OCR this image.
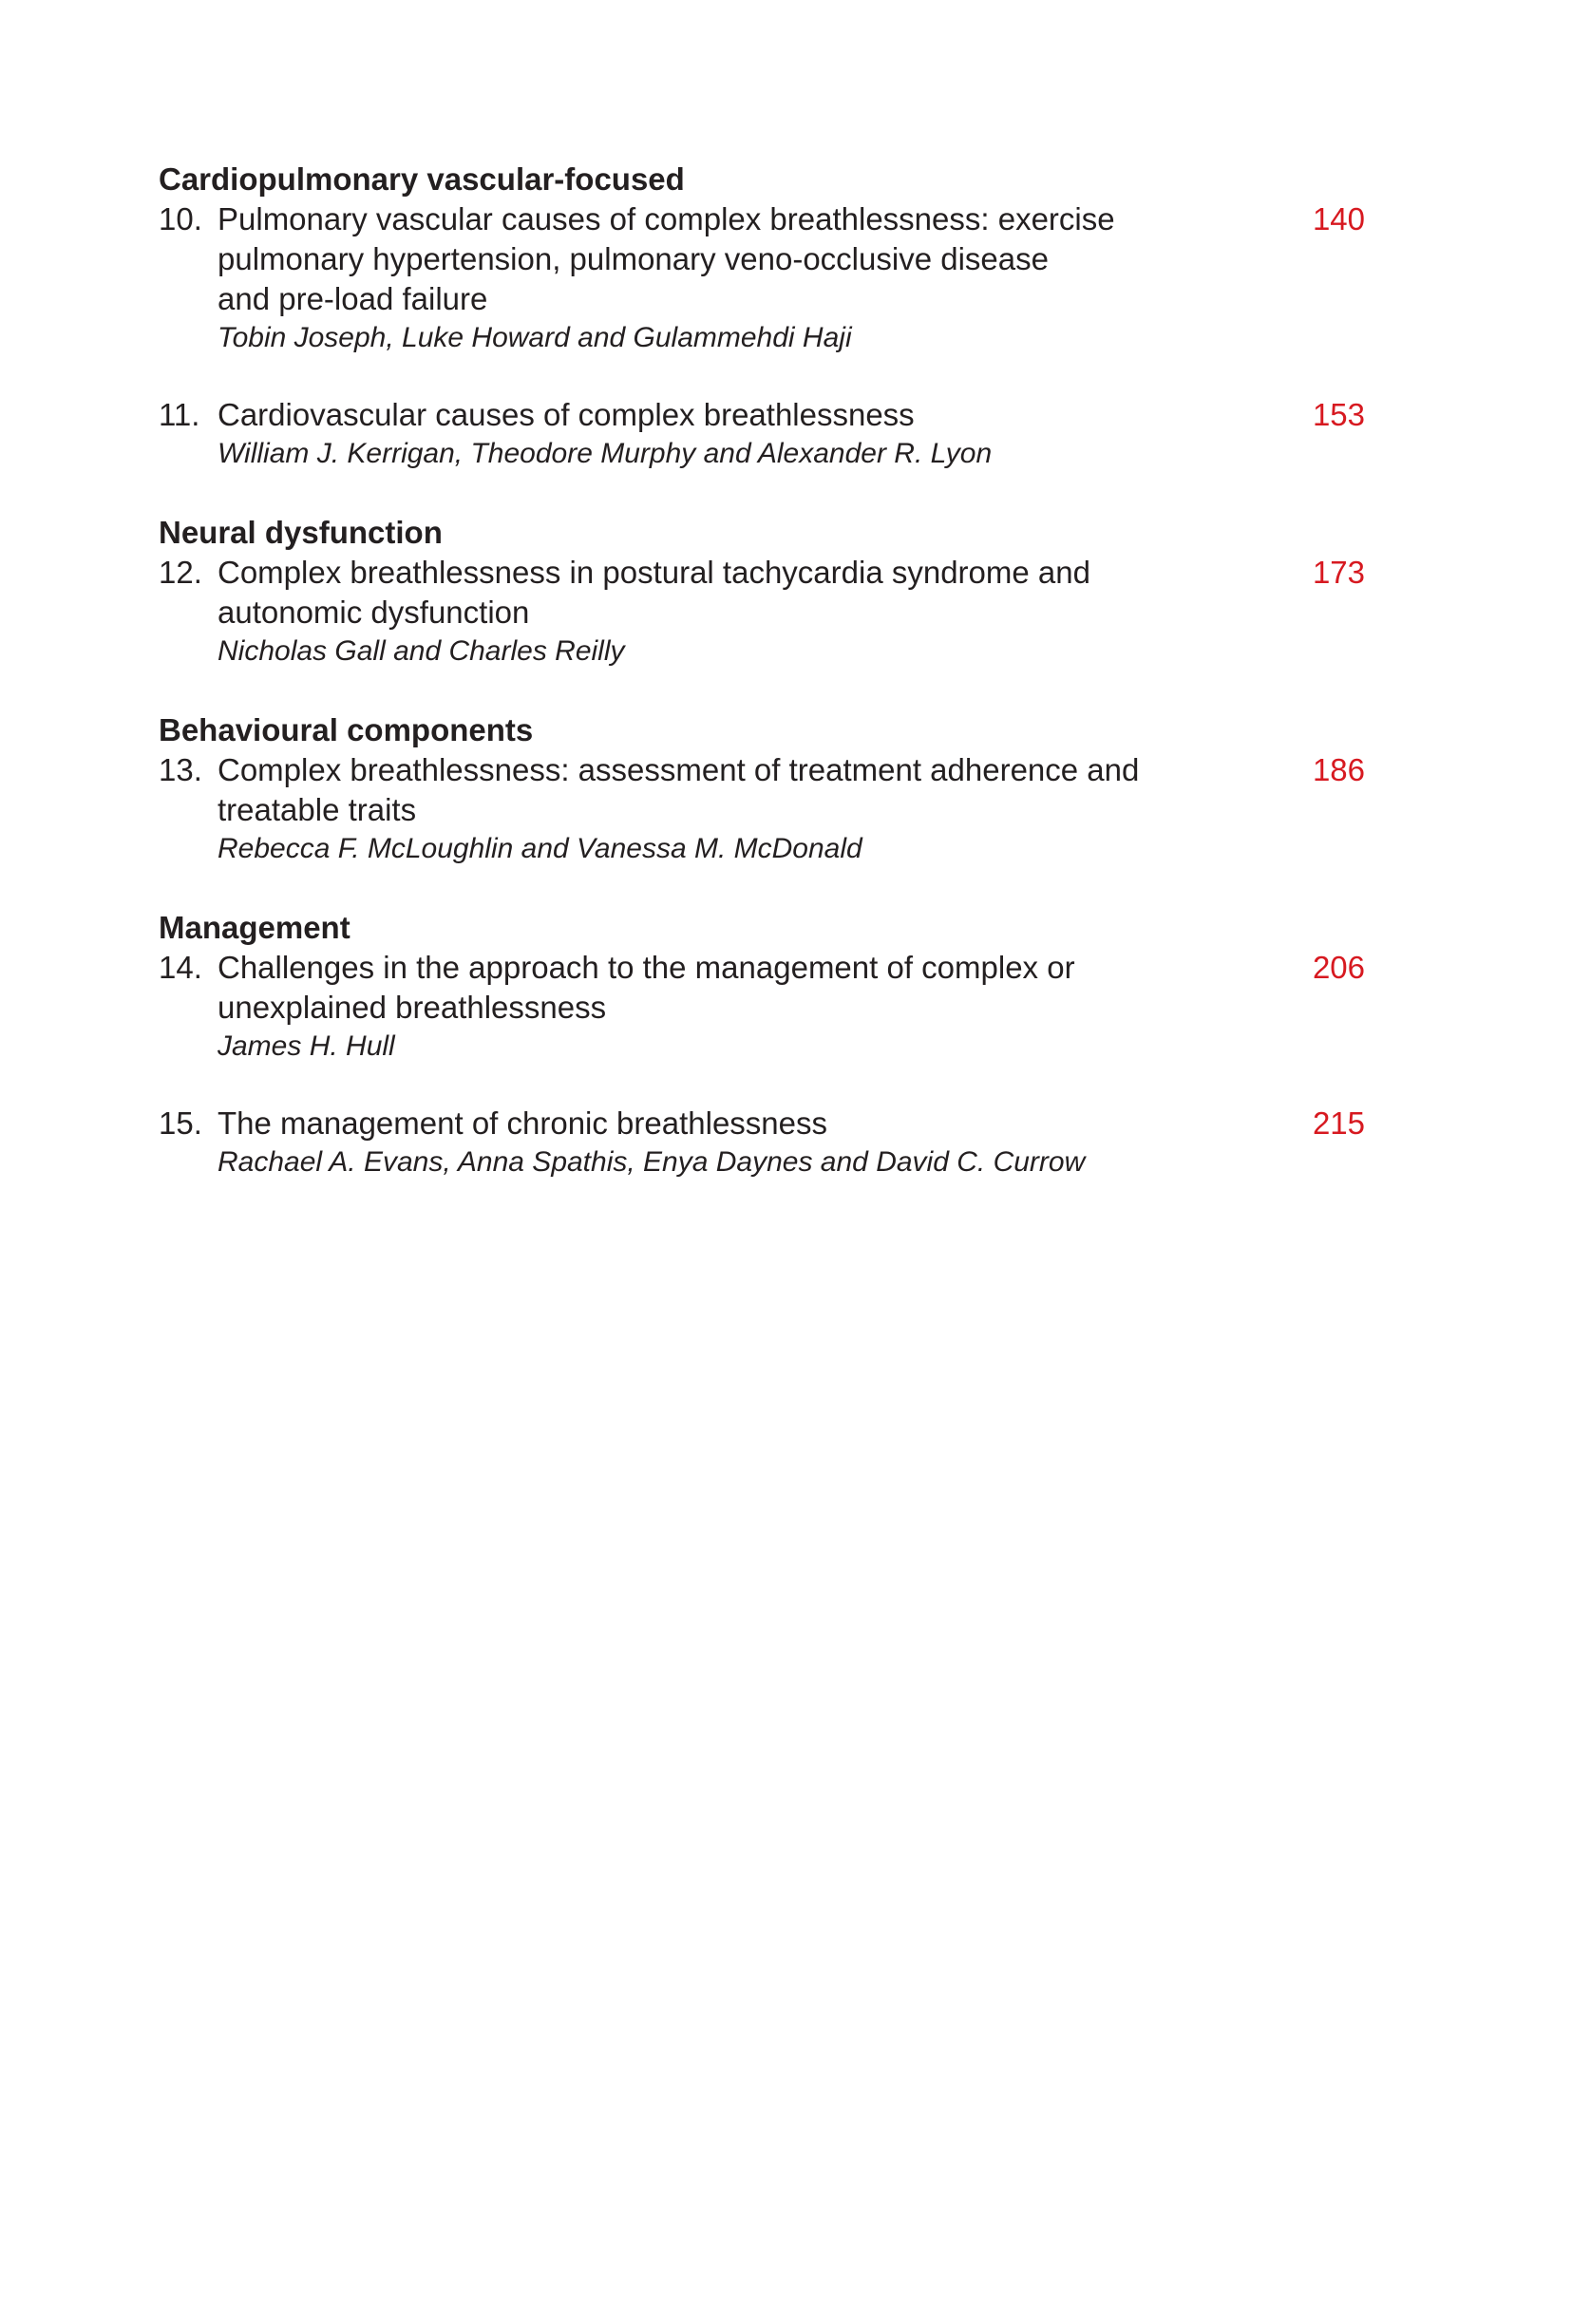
Cardiopulmonary vascular-focused
10. Pulmonary vascular causes of complex breathlessness: exercise
pulmonary hypertension, pulmonary veno-occlusive disease
and pre-load failure
Tobin Joseph, Luke Howard and Gulammehdi Haji
140
11. Cardiovascular causes of complex breathlessness
William J. Kerrigan, Theodore Murphy and Alexander R. Lyon
153
Neural dysfunction
12. Complex breathlessness in postural tachycardia syndrome and
autonomic dysfunction
Nicholas Gall and Charles Reilly
173
Behavioural components
13. Complex breathlessness: assessment of treatment adherence and
treatable traits
Rebecca F. McLoughlin and Vanessa M. McDonald
186
Management
14. Challenges in the approach to the management of complex or
unexplained breathlessness
James H. Hull
206
15. The management of chronic breathlessness
Rachael A. Evans, Anna Spathis, Enya Daynes and David C. Currow
215
